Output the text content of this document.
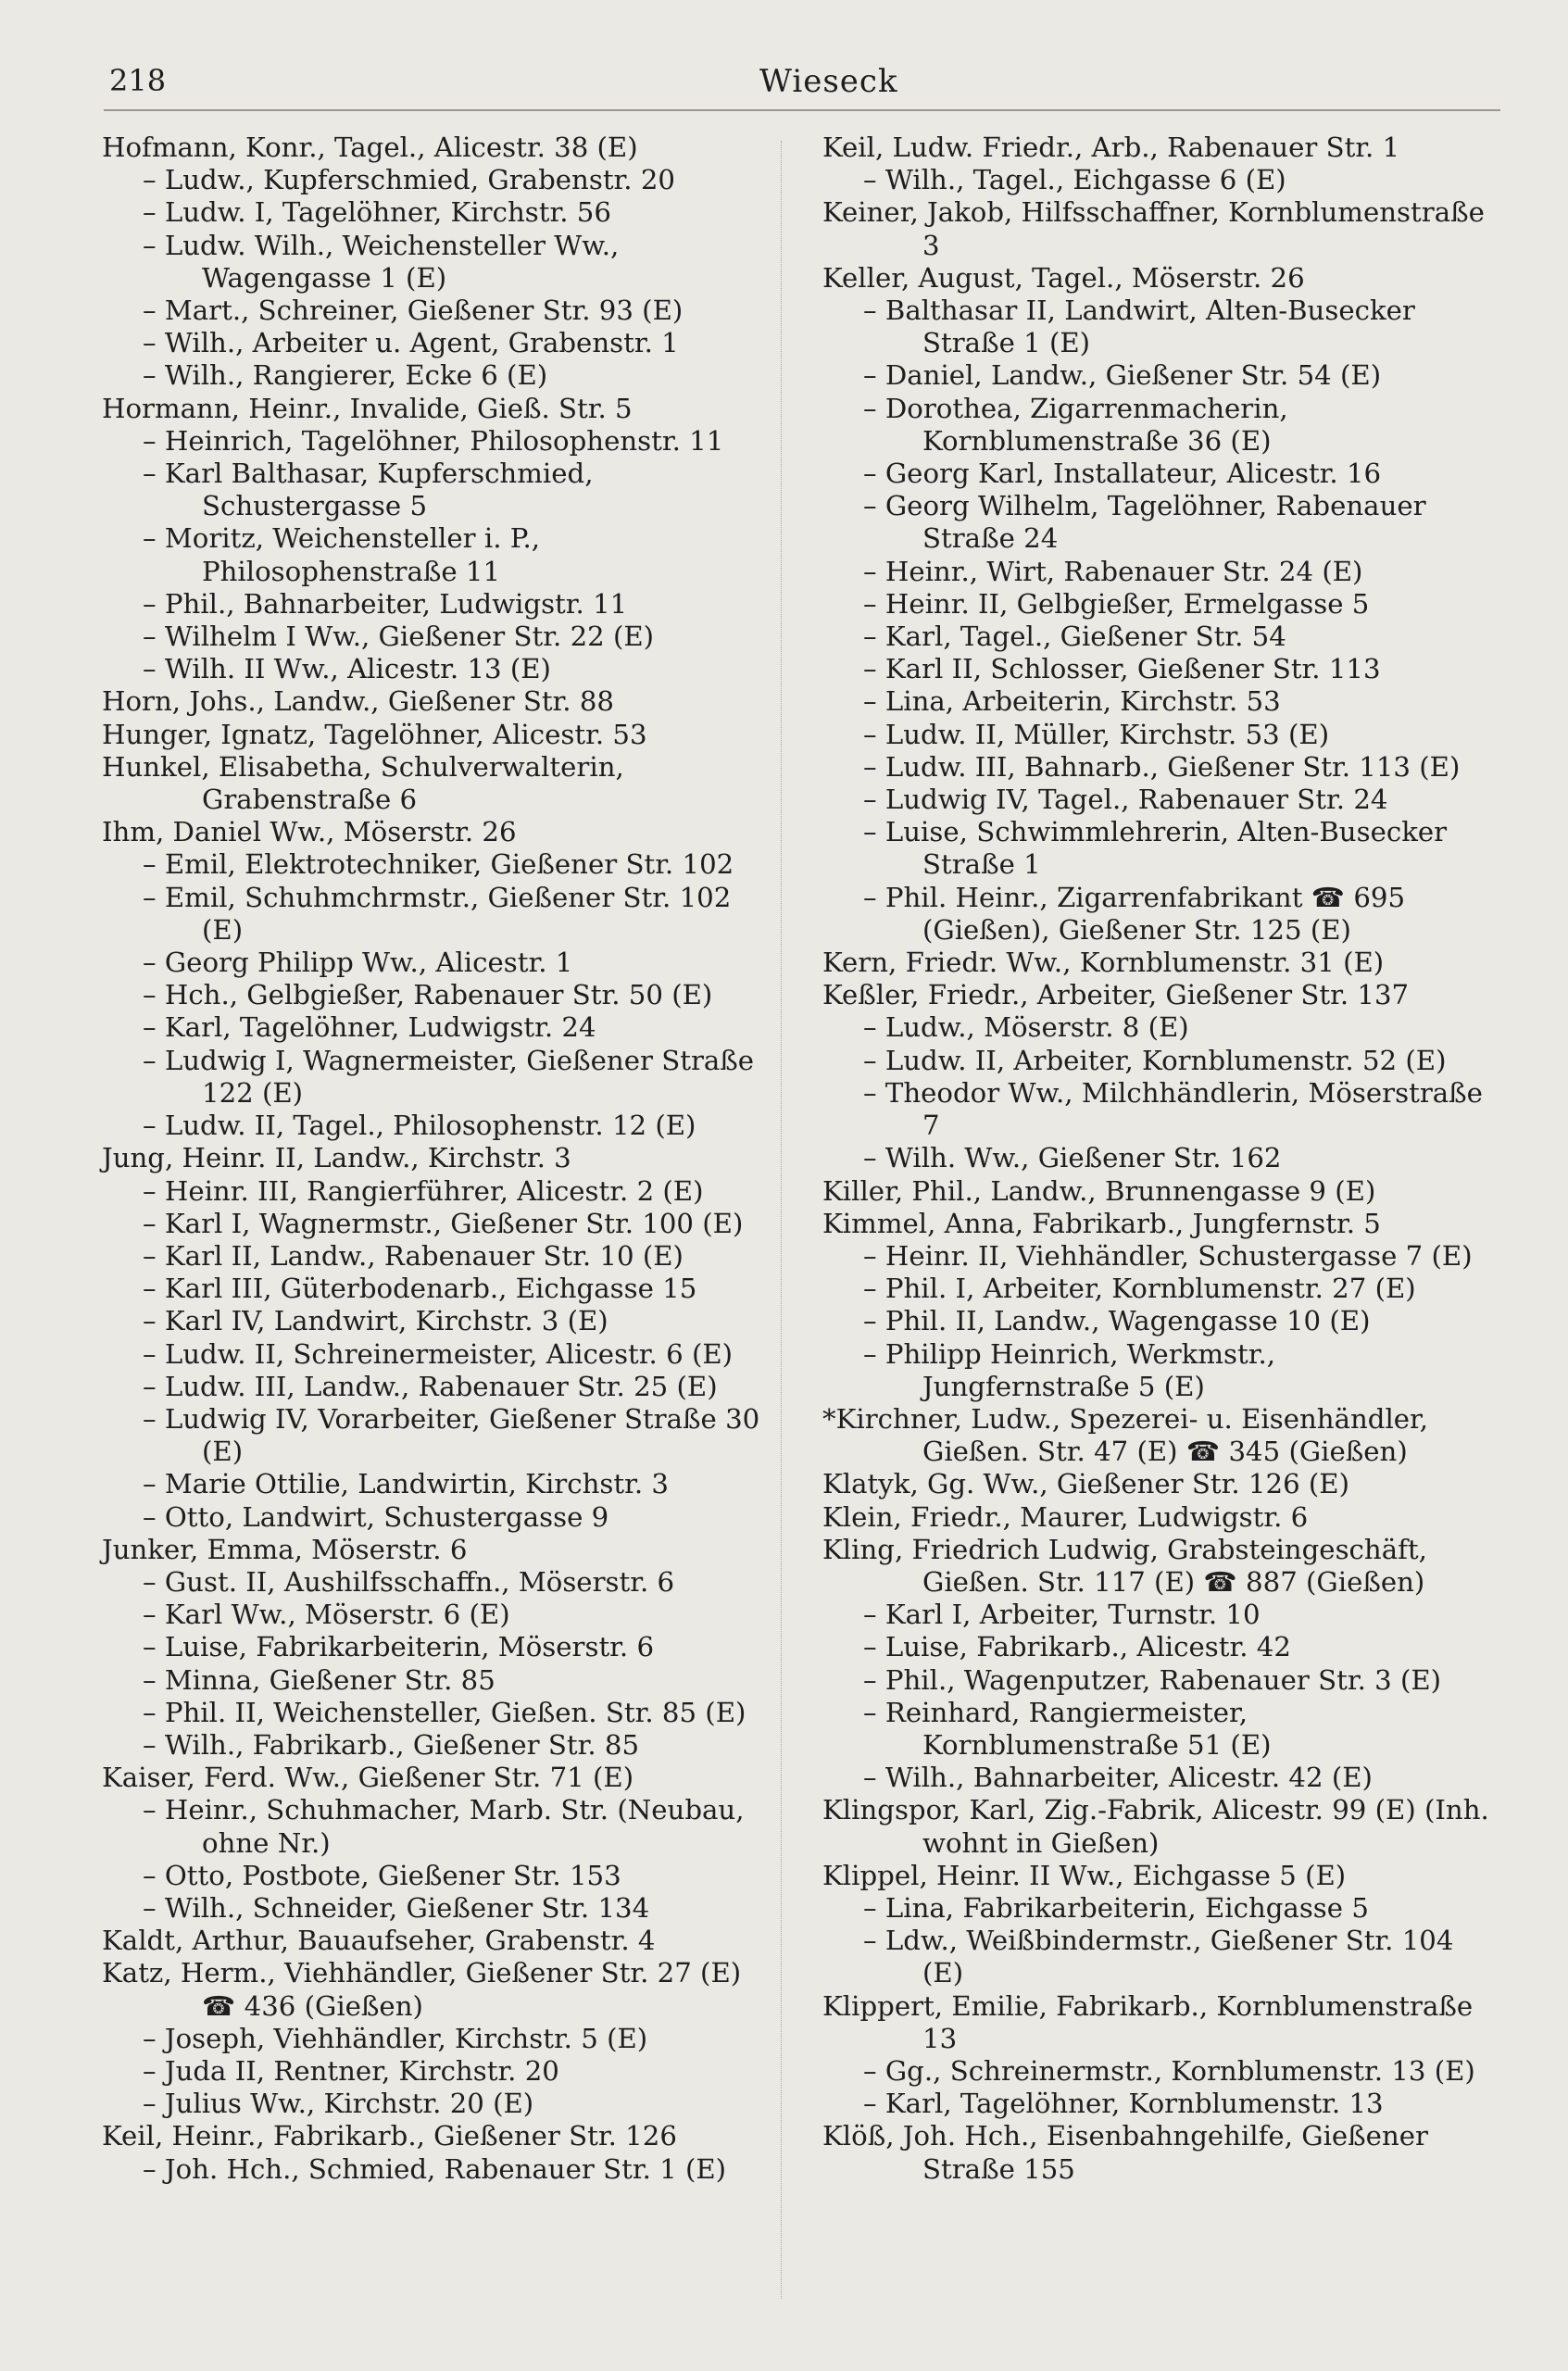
218	Wieseck
Hofmann, Konr., Tagel., Alicestr. 38 (E)
– Ludw., Kupferschmied, Grabenstr. 20
– Ludw. I, Tagelöhner, Kirchstr. 56
– Ludw. Wilh., Weichensteller Ww., Wagengasse 1 (E)
– Mart., Schreiner, Gießener Str. 93 (E)
– Wilh., Arbeiter u. Agent, Grabenstr. 1
– Wilh., Rangierer, Ecke 6 (E)
Hormann, Heinr., Invalide, Gieß. Str. 5
– Heinrich, Tagelöhner, Philosophenstr. 11
– Karl Balthasar, Kupferschmied, Schustergasse 5
– Moritz, Weichensteller i. P., Philosophenstraße 11
– Phil., Bahnarbeiter, Ludwigstr. 11
– Wilhelm I Ww., Gießener Str. 22 (E)
– Wilh. II Ww., Alicestr. 13 (E)
Horn, Johs., Landw., Gießener Str. 88
Hunger, Ignatz, Tagelöhner, Alicestr. 53
Hunkel, Elisabetha, Schulverwalterin, Grabenstraße 6
Ihm, Daniel Ww., Möserstr. 26
– Emil, Elektrotechniker, Gießener Str. 102
– Emil, Schuhmchrmstr., Gießener Str. 102 (E)
– Georg Philipp Ww., Alicestr. 1
– Hch., Gelbgießer, Rabenauer Str. 50 (E)
– Karl, Tagelöhner, Ludwigstr. 24
– Ludwig I, Wagnermeister, Gießener Straße 122 (E)
– Ludw. II, Tagel., Philosophenstr. 12 (E)
Jung, Heinr. II, Landw., Kirchstr. 3
– Heinr. III, Rangierführer, Alicestr. 2 (E)
– Karl I, Wagnermstr., Gießener Str. 100 (E)
– Karl II, Landw., Rabenauer Str. 10 (E)
– Karl III, Güterbodenarb., Eichgasse 15
– Karl IV, Landwirt, Kirchstr. 3 (E)
– Ludw. II, Schreinermeister, Alicestr. 6 (E)
– Ludw. III, Landw., Rabenauer Str. 25 (E)
– Ludwig IV, Vorarbeiter, Gießener Straße 30 (E)
– Marie Ottilie, Landwirtin, Kirchstr. 3
– Otto, Landwirt, Schustergasse 9
Junker, Emma, Möserstr. 6
– Gust. II, Aushilfsschaffn., Möserstr. 6
– Karl Ww., Möserstr. 6 (E)
– Luise, Fabrikarbeiterin, Möserstr. 6
– Minna, Gießener Str. 85
– Phil. II, Weichensteller, Gießen. Str. 85 (E)
– Wilh., Fabrikarb., Gießener Str. 85
Kaiser, Ferd. Ww., Gießener Str. 71 (E)
– Heinr., Schuhmacher, Marb. Str. (Neubau, ohne Nr.)
– Otto, Postbote, Gießener Str. 153
– Wilh., Schneider, Gießener Str. 134
Kaldt, Arthur, Bauaufseher, Grabenstr. 4
Katz, Herm., Viehhändler, Gießener Str. 27 (E) ☎ 436 (Gießen)
– Joseph, Viehhändler, Kirchstr. 5 (E)
– Juda II, Rentner, Kirchstr. 20
– Julius Ww., Kirchstr. 20 (E)
Keil, Heinr., Fabrikarb., Gießener Str. 126
– Joh. Hch., Schmied, Rabenauer Str. 1 (E)
Keil, Ludw. Friedr., Arb., Rabenauer Str. 1
– Wilh., Tagel., Eichgasse 6 (E)
Keiner, Jakob, Hilfsschaffner, Kornblumenstraße 3
Keller, August, Tagel., Möserstr. 26
– Balthasar II, Landwirt, Alten-Busecker Straße 1 (E)
– Daniel, Landw., Gießener Str. 54 (E)
– Dorothea, Zigarrenmacherin, Kornblumenstraße 36 (E)
– Georg Karl, Installateur, Alicestr. 16
– Georg Wilhelm, Tagelöhner, Rabenauer Straße 24
– Heinr., Wirt, Rabenauer Str. 24 (E)
– Heinr. II, Gelbgießer, Ermelgasse 5
– Karl, Tagel., Gießener Str. 54
– Karl II, Schlosser, Gießener Str. 113
– Lina, Arbeiterin, Kirchstr. 53
– Ludw. II, Müller, Kirchstr. 53 (E)
– Ludw. III, Bahnarb., Gießener Str. 113 (E)
– Ludwig IV, Tagel., Rabenauer Str. 24
– Luise, Schwimmlehrerin, Alten-Busecker Straße 1
– Phil. Heinr., Zigarrenfabrikant ☎ 695 (Gießen), Gießener Str. 125 (E)
Kern, Friedr. Ww., Kornblumenstr. 31 (E)
Keßler, Friedr., Arbeiter, Gießener Str. 137
– Ludw., Möserstr. 8 (E)
– Ludw. II, Arbeiter, Kornblumenstr. 52 (E)
– Theodor Ww., Milchhändlerin, Möserstraße 7
– Wilh. Ww., Gießener Str. 162
Killer, Phil., Landw., Brunnengasse 9 (E)
Kimmel, Anna, Fabrikarb., Jungfernstr. 5
– Heinr. II, Viehhändler, Schustergasse 7 (E)
– Phil. I, Arbeiter, Kornblumenstr. 27 (E)
– Phil. II, Landw., Wagengasse 10 (E)
– Philipp Heinrich, Werkmstr., Jungfernstraße 5 (E)
*Kirchner, Ludw., Spezerei- u. Eisenhändler, Gießen. Str. 47 (E) ☎ 345 (Gießen)
Klatyk, Gg. Ww., Gießener Str. 126 (E)
Klein, Friedr., Maurer, Ludwigstr. 6
Kling, Friedrich Ludwig, Grabsteingeschäft, Gießen. Str. 117 (E) ☎ 887 (Gießen)
– Karl I, Arbeiter, Turnstr. 10
– Luise, Fabrikarb., Alicestr. 42
– Phil., Wagenputzer, Rabenauer Str. 3 (E)
– Reinhard, Rangiermeister, Kornblumenstraße 51 (E)
– Wilh., Bahnarbeiter, Alicestr. 42 (E)
Klingspor, Karl, Zig.-Fabrik, Alicestr. 99 (E) (Inh. wohnt in Gießen)
Klippel, Heinr. II Ww., Eichgasse 5 (E)
– Lina, Fabrikarbeiterin, Eichgasse 5
– Ldw., Weißbindermstr., Gießener Str. 104 (E)
Klippert, Emilie, Fabrikarb., Kornblumenstraße 13
– Gg., Schreinermstr., Kornblumenstr. 13 (E)
– Karl, Tagelöhner, Kornblumenstr. 13
Klöß, Joh. Hch., Eisenbahngehilfe, Gießener Straße 155
